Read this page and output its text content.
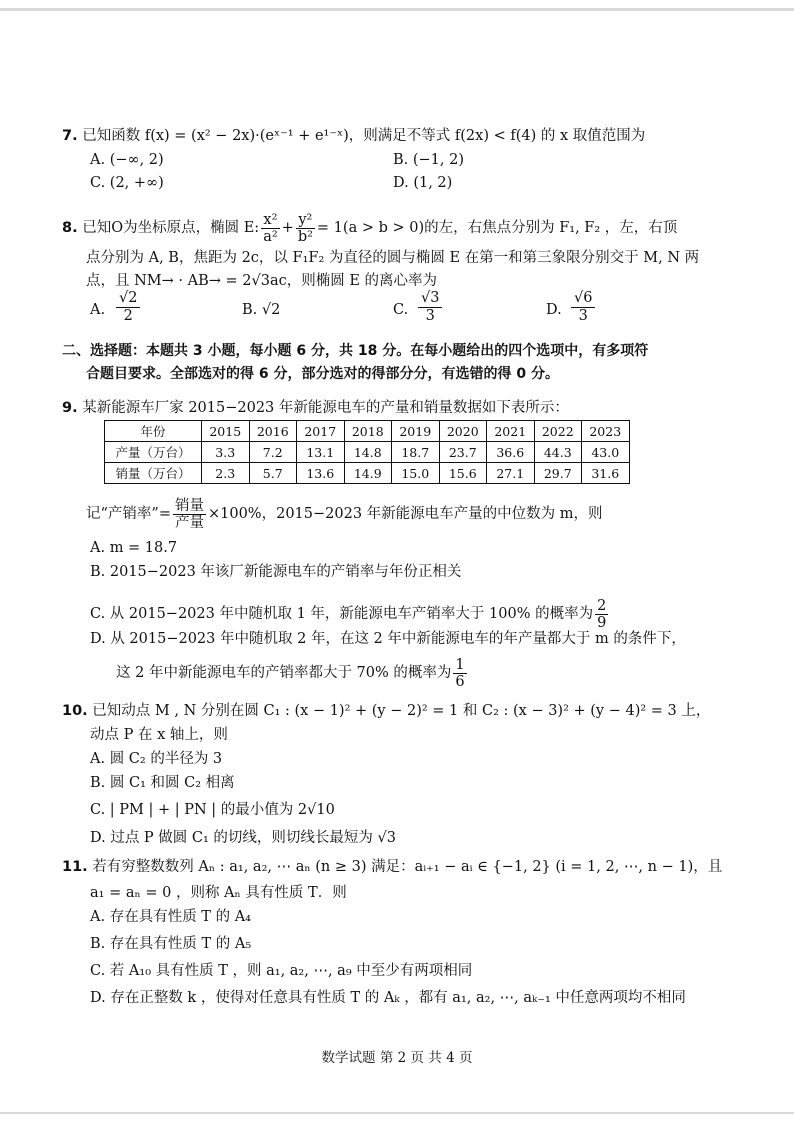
7. 已知函数 f(x) = (x² − 2x)·(eˣ⁻¹ + e¹⁻ˣ)，则满足不等式 f(2x) < f(4) 的 x 取值范围为
A. (−∞, 2)	B. (−1, 2)
C. (2, +∞)	D. (1, 2)
8. 已知O为坐标原点，椭圆 E: $\frac{\text{x²}}{\text{a²}} + \frac{\text{y²}}{\text{b²}} = 1(a > b > 0)$的左，右焦点分别为 F₁, F₂ ，左，右顶
点分别为 A, B，焦距为 2c，以 F₁F₂ 为直径的圆与椭圆 E 在第一和第三象限分别交于 M, N 两
点，且 NM→ · AB→ = 2√3ac，则椭圆 E 的离心率为
A. $\frac{√2}{2}$	B. √2	C. $\frac{√3}{3}$	D. $\frac{√6}{3}$
二、选择题：本题共 3 小题，每小题 6 分，共 18 分。在每小题给出的四个选项中，有多项符
合题目要求。全部选对的得 6 分，部分选对的得部分分，有选错的得 0 分。
9. 某新能源车厂家 2015−2023 年新能源电车的产量和销量数据如下表所示：
年份	2015	2016	2017	2018	2019	2020	2021	2022	2023
产量（万台）	3.3	7.2	13.1	14.8	18.7	23.7	36.6	44.3	43.0
销量（万台）	2.3	5.7	13.6	14.9	15.0	15.6	27.1	29.7	31.6
记“产销率”= $\frac{\text{销量}}{\text{产量}} \times 100\%$，2015−2023 年新能源电车产量的中位数为 m，则
A. m = 18.7
B. 2015−2023 年该厂新能源电车的产销率与年份正相关
C. 从 2015−2023 年中随机取 1 年，新能源电车产销率大于 100% 的概率为 $\frac{2}{9}$
D. 从 2015−2023 年中随机取 2 年，在这 2 年中新能源电车的年产量都大于 m 的条件下，
这 2 年中新能源电车的产销率都大于 70% 的概率为 $\frac{1}{6}$
10. 已知动点 M , N 分别在圆 C₁ : (x − 1)² + (y − 2)² = 1 和 C₂ : (x − 3)² + (y − 4)² = 3 上，
动点 P 在 x 轴上，则
A. 圆 C₂ 的半径为 3
B. 圆 C₁ 和圆 C₂ 相离
C. | PM | + | PN | 的最小值为 2√10
D. 过点 P 做圆 C₁ 的切线，则切线长最短为 √3
11. 若有穷整数数列 Aₙ : a₁, a₂, ⋯ aₙ (n ≥ 3) 满足：aᵢ₊₁ − aᵢ ∈ {−1, 2} (i = 1, 2, ⋯, n − 1)，且
a₁ = aₙ = 0 ，则称 Aₙ 具有性质 T．则
A. 存在具有性质 T 的 A₄
B. 存在具有性质 T 的 A₅
C. 若 A₁₀ 具有性质 T ，则 a₁, a₂, ⋯, a₉ 中至少有两项相同
D. 存在正整数 k ，使得对任意具有性质 T 的 Aₖ ，都有 a₁, a₂, ⋯, aₖ₋₁ 中任意两项均不相同
数学试题 第 2 页 共 4 页
